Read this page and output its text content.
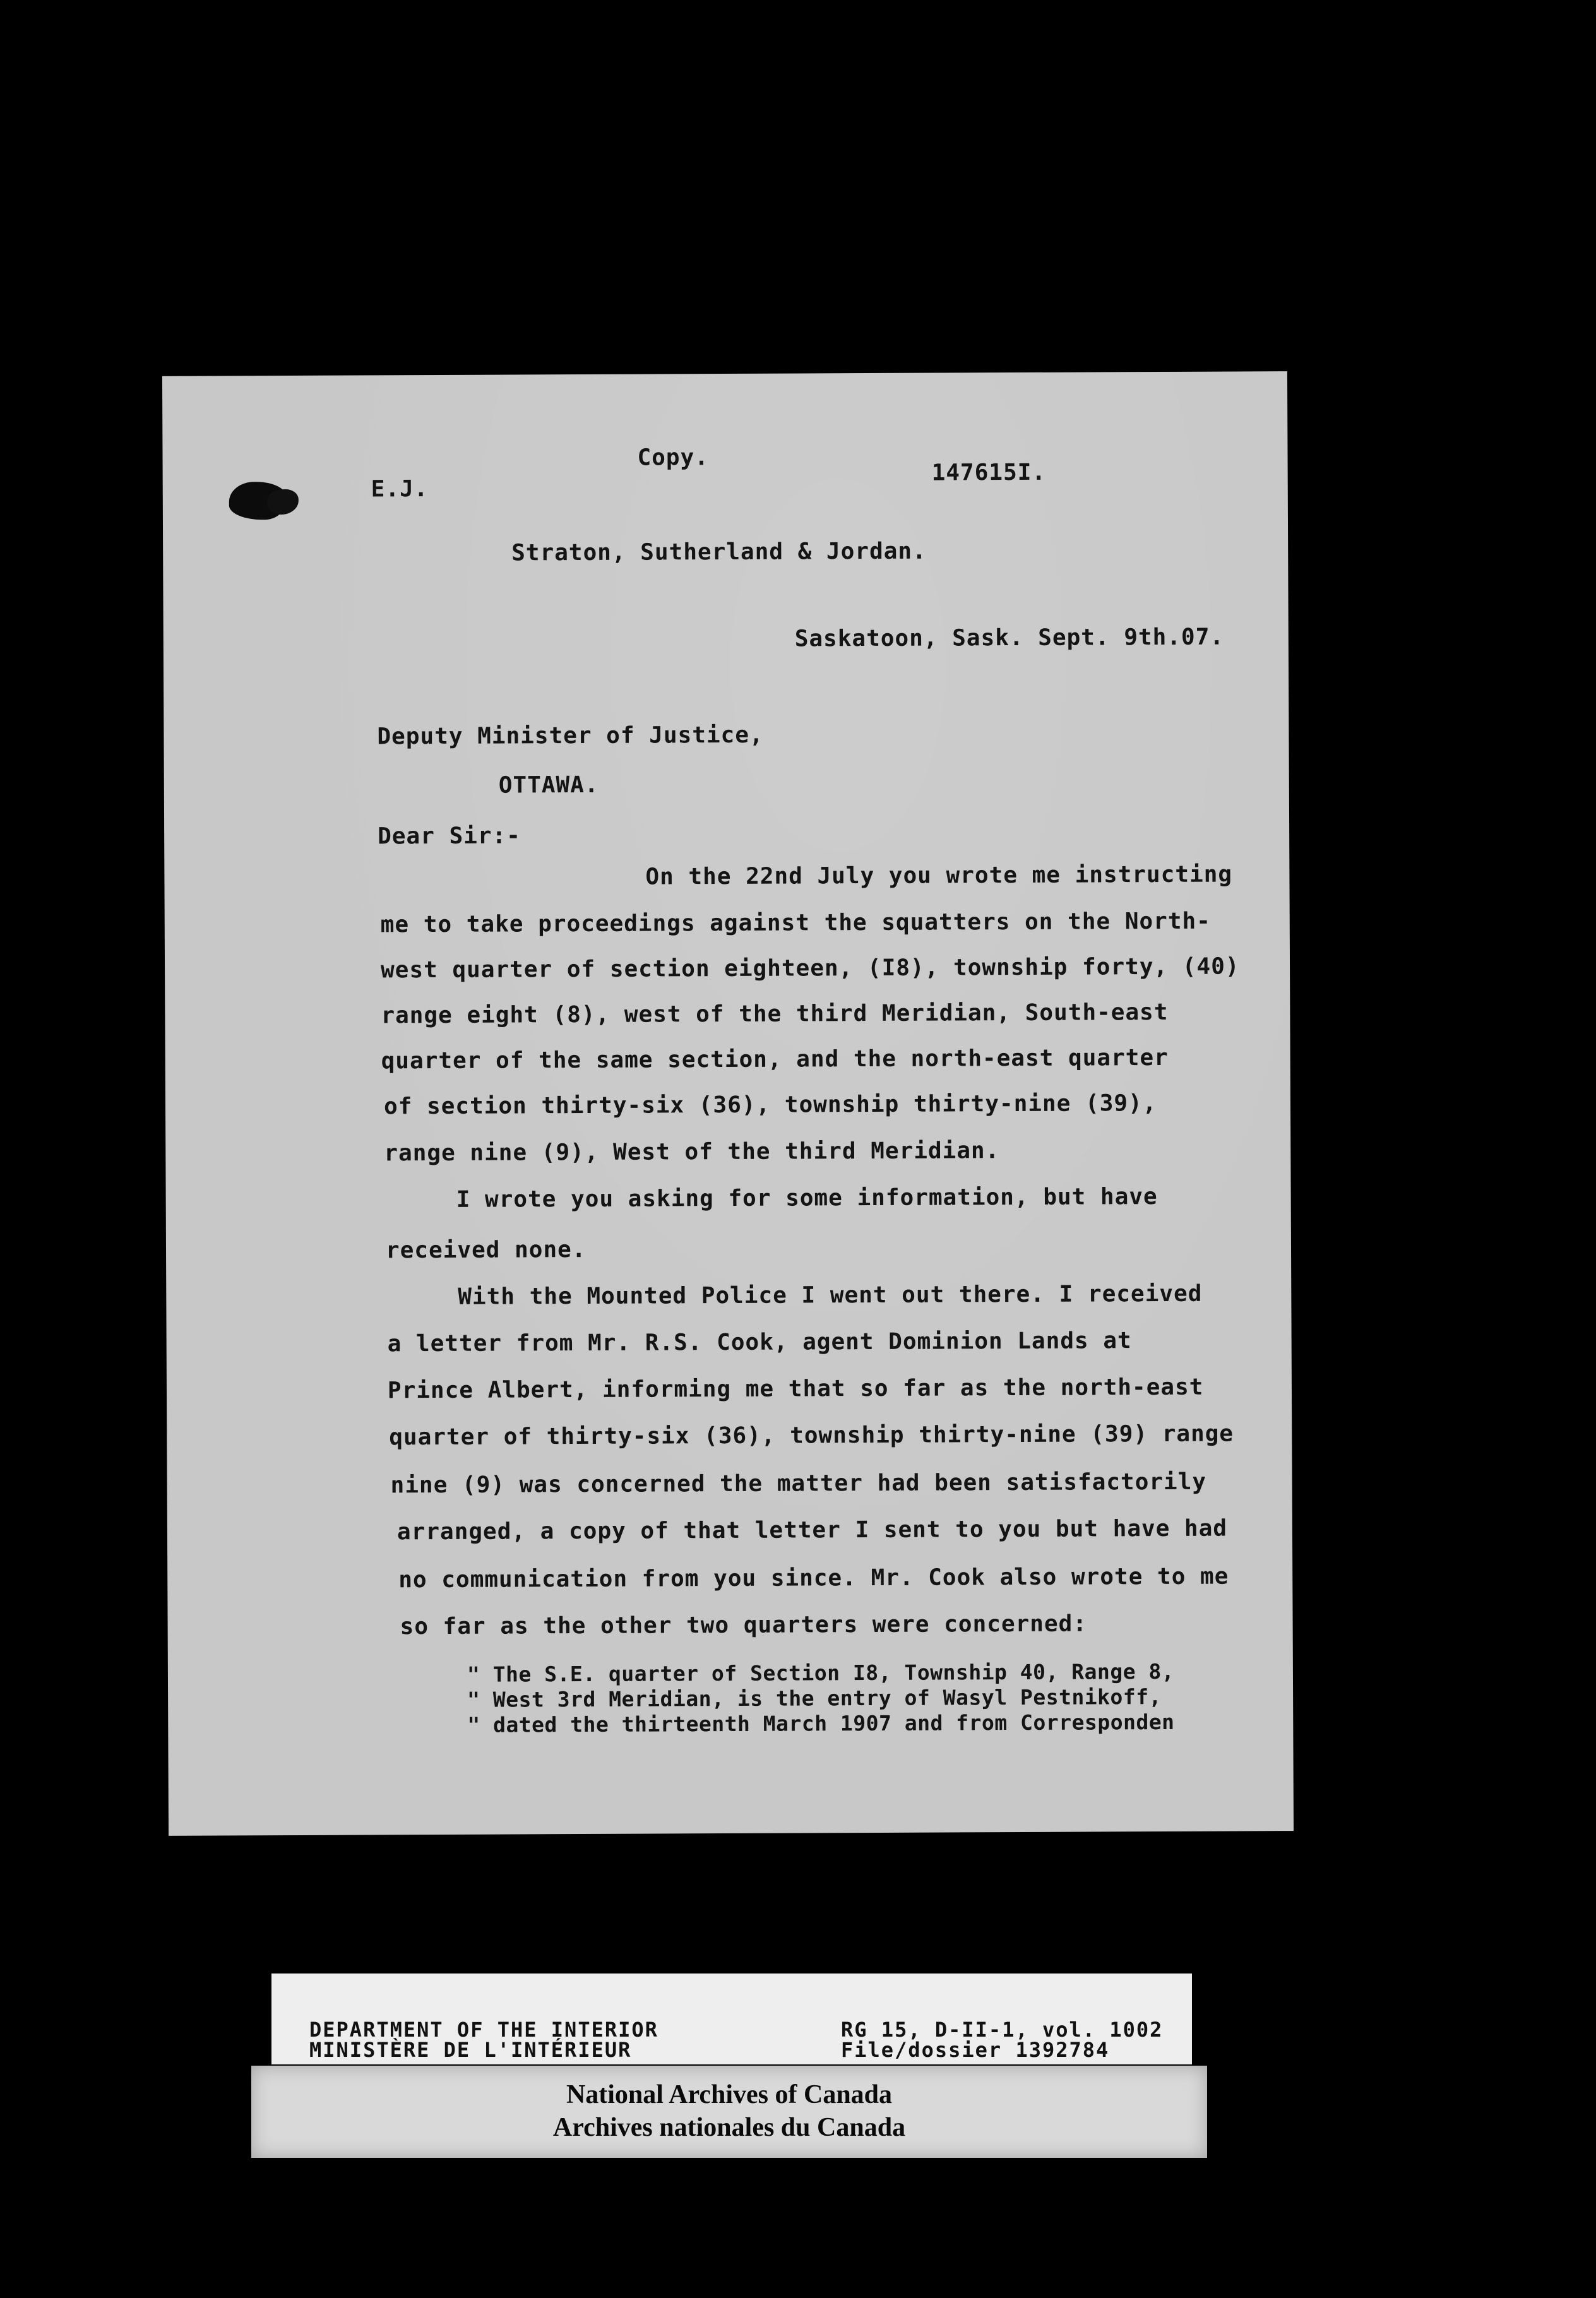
E.J.
Copy.
147615I.
Straton, Sutherland & Jordan.
Saskatoon, Sask. Sept. 9th.07.
Deputy Minister of Justice,
OTTAWA.
Dear Sir:-
On the 22nd July you wrote me instructing
me to take proceedings against the squatters on the North-
west quarter of section eighteen, (I8), township forty, (40)
range eight (8), west of the third Meridian, South-east
quarter of the same section, and the north-east quarter
of section thirty-six (36), township thirty-nine (39),
range nine (9), West of the third Meridian.
I wrote you asking for some information, but have
received none.
With the Mounted Police I went out there. I received
a letter from Mr. R.S. Cook, agent Dominion Lands at
Prince Albert, informing me that so far as the north-east
quarter of thirty-six (36), township thirty-nine (39) range
nine (9) was concerned the matter had been satisfactorily
arranged, a copy of that letter I sent to you but have had
no communication from you since. Mr. Cook also wrote to me
so far as the other two quarters were concerned:
" The S.E. quarter of Section I8, Township 40, Range 8,
" West 3rd Meridian, is the entry of Wasyl Pestnikoff,
" dated the thirteenth March 1907 and from Corresponden
DEPARTMENT OF THE INTERIOR
MINISTÈRE DE L'INTÉRIEUR
RG 15, D-II-1, vol. 1002
File/dossier 1392784
National Archives of Canada
Archives nationales du Canada
